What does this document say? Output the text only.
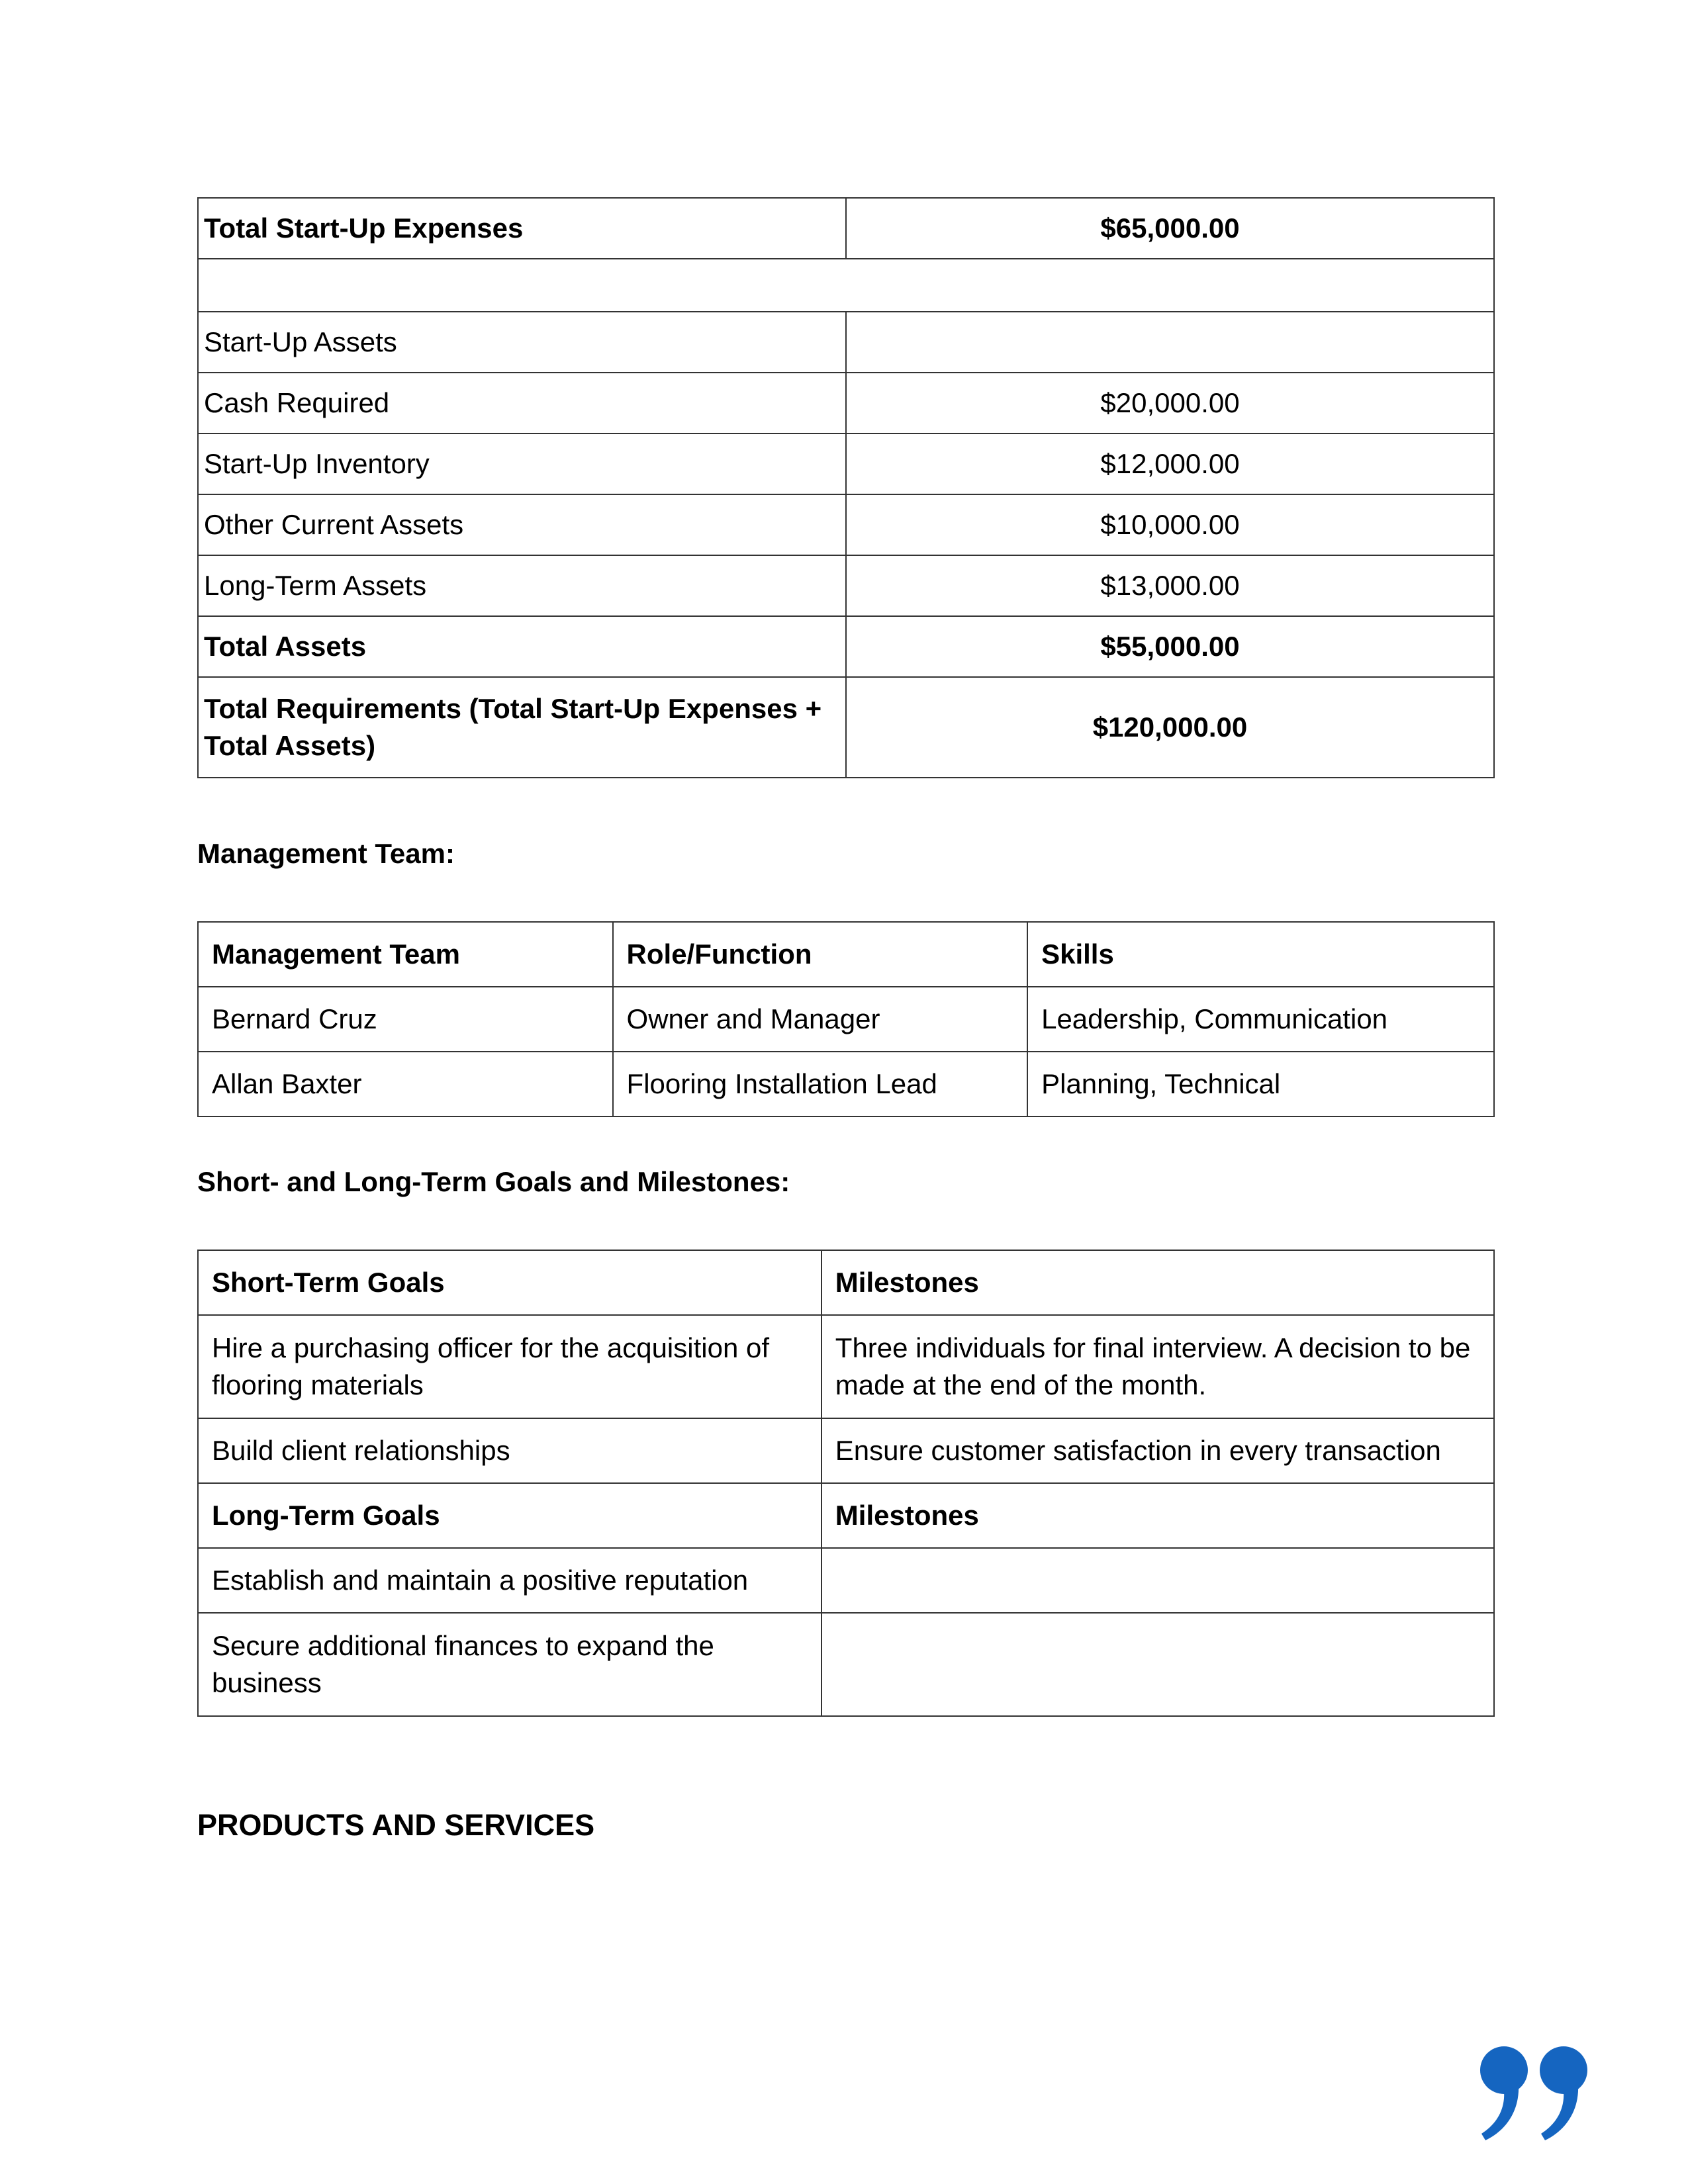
Total Start-Up Expenses	$65,000.00

Start-Up Assets	
Cash Required	$20,000.00
Start-Up Inventory	$12,000.00
Other Current Assets	$10,000.00
Long-Term Assets	$13,000.00
Total Assets	$55,000.00
Total Requirements (Total Start-Up Expenses + Total Assets)	$120,000.00
Management Team:
Management Team	Role/Function	Skills
Bernard Cruz	Owner and Manager	Leadership, Communication
Allan Baxter	Flooring Installation Lead	Planning, Technical
Short- and Long-Term Goals and Milestones:
Short-Term Goals	Milestones
Hire a purchasing officer for the acquisition of flooring materials	Three individuals for final interview. A decision to be made at the end of the month.
Build client relationships	Ensure customer satisfaction in every transaction
Long-Term Goals	Milestones
Establish and maintain a positive reputation	
Secure additional finances to expand the business	
PRODUCTS AND SERVICES
